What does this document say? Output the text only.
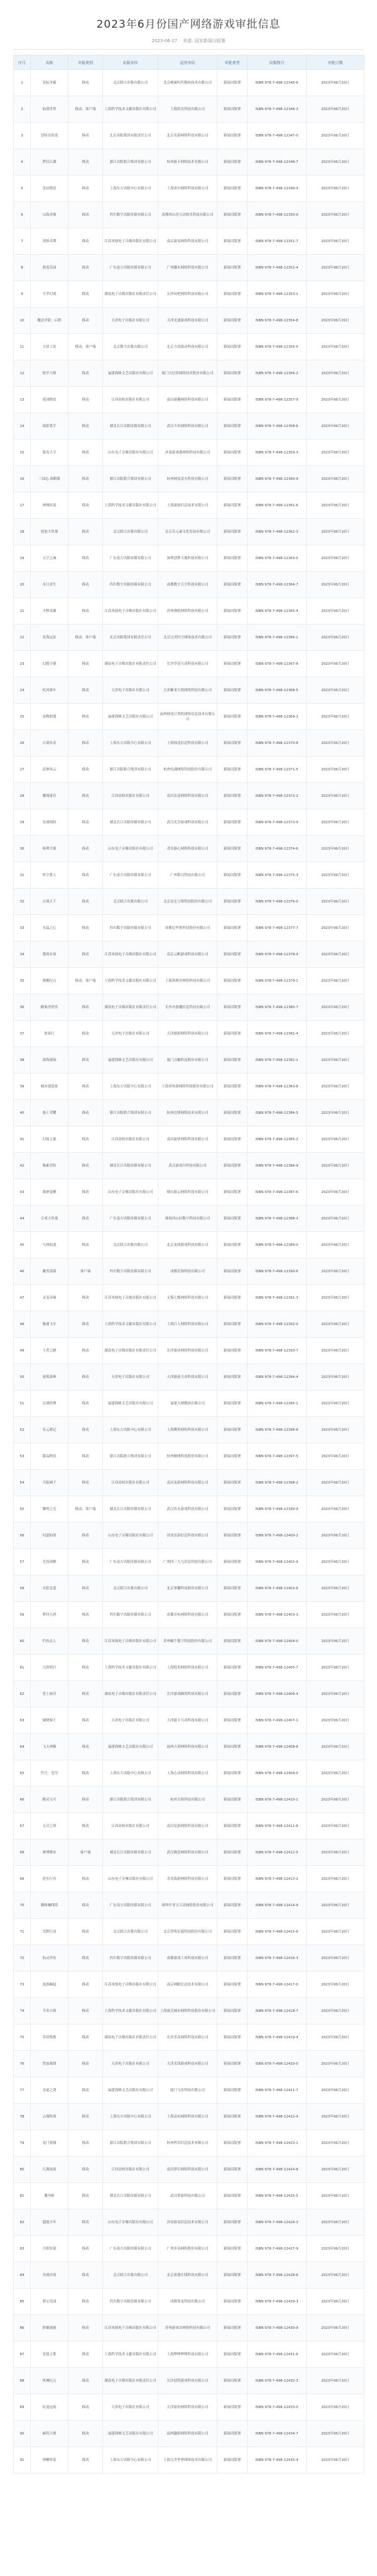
2023年6月份国产网络游戏审批信息
2023-06-27 来源: 国家新闻出版署
序号	名称	申报类别	出版单位	运营单位	审批类型	出版物号	审批日期
1	星际争霸	移动	北京联合出版有限公司	北京畅游时代数码技术有限公司	新闻出版署	ISBN 978-7-498-12345-6	2023年06月20日
2	仙剑世界	移动、客户端	上海科学技术文献出版社有限公司	上海软星科技有限公司	新闻出版署	ISBN 978-7-498-12346-3	2023年06月20日
3	冒险岛传说	移动	北京出版集团有限责任公司	北京乐游网络科技有限公司	新闻出版署	ISBN 978-7-498-12347-0	2023年06月20日
4	梦幻江湖	移动	浙江出版联合集团有限公司	杭州游卡网络技术有限公司	新闻出版署	ISBN 978-7-498-12348-7	2023年06月20日
5	星辰物语	移动	上海东方出版中心有限公司	上海冰川网络科技有限公司	新闻出版署	ISBN 978-7-498-12349-4	2023年06月20日
6	山海奇缘	移动	四川数字出版传媒有限公司	成都西山居互动娱乐科技有限公司	新闻出版署	ISBN 978-7-498-12350-0	2023年06月20日
7	剑侠奇谭	移动	江苏凤凰电子音像出版社有限公司	南京游易网络科技有限公司	新闻出版署	ISBN 978-7-498-12351-7	2023年06月20日
8	萌宠乐园	移动	广东南方出版传媒有限公司	广州趣丸网络科技有限公司	新闻出版署	ISBN 978-7-498-12352-4	2023年06月20日
9	斗罗幻境	移动	湖南电子音像出版社有限责任公司	长沙玩吧网络科技有限公司	新闻出版署	ISBN 978-7-498-12353-1	2023年06月20日
10	魔法学院：启程	移动	天津电子出版社有限公司	天津光速游戏科技有限公司	新闻出版署	ISBN 978-7-498-12354-8	2023年06月20日
11	方块工坊	移动、客户端	北京数字出版有限公司	北京方块游动科技有限公司	新闻出版署	ISBN 978-7-498-12355-5	2023年06月20日
12	机甲大师	移动	福建海峡文艺出版社有限公司	厦门吉比特网络技术股份有限公司	新闻出版署	ISBN 978-7-498-12356-2	2023年06月20日
13	花园物语	移动	江西高校出版社有限公司	南昌游趣网络科技有限公司	新闻出版署	ISBN 978-7-498-12357-9	2023年06月20日
14	暗影猎手	移动	湖北长江出版传媒有限公司	武汉斗鱼网络科技有限公司	新闻出版署	ISBN 978-7-498-12358-6	2023年06月20日
15	海岛大亨	移动	山东电子音像出版社有限公司	济南游戏港网络科技有限公司	新闻出版署	ISBN 978-7-498-12359-3	2023年06月20日
16	三国志·战略版	移动	浙江出版联合集团有限公司	杭州网易雷火科技有限公司	新闻出版署	ISBN 978-7-498-12360-9	2023年06月20日
17	神域传说	移动	上海科学技术文献出版社有限公司	上海游族信息技术有限公司	新闻出版署	ISBN 978-7-498-12361-6	2023年06月20日
18	泡泡大作战	移动	北京联合出版有限公司	北京乐元素文化发展有限公司	新闻出版署	ISBN 978-7-498-12362-3	2023年06月20日
19	天空之城	移动	广东南方出版传媒有限公司	深圳创梦天地科技有限公司	新闻出版署	ISBN 978-7-498-12363-0	2023年06月20日
20	末日求生	移动	四川数字出版传媒有限公司	成都数字天空科技有限公司	新闻出版署	ISBN 978-7-498-12364-7	2023年06月20日
21	卡牌英雄	移动	江苏凤凰电子音像出版社有限公司	苏州叠纸网络科技有限公司	新闻出版署	ISBN 978-7-498-12365-4	2023年06月20日
22	星海远征	移动、客户端	北京出版集团有限责任公司	北京完美时空网络技术有限公司	新闻出版署	ISBN 978-7-498-12366-1	2023年06月20日
23	幻想小镇	移动	湖南电子音像出版社有限责任公司	长沙草花互动科技有限公司	新闻出版署	ISBN 978-7-498-12367-8	2023年06月20日
24	疾风赛车	移动	天津电子出版社有限公司	天津紫龙互娱网络科技有限公司	新闻出版署	ISBN 978-7-498-12368-5	2023年06月20日
25	宠物联盟	移动	福建海峡文艺出版社有限公司	福州网龙计算机网络信息技术有限公司	新闻出版署	ISBN 978-7-498-12369-2	2023年06月20日
26	古剑传奇	移动	上海东方出版中心有限公司	上海烛龙信息科技有限公司	新闻出版署	ISBN 978-7-498-12370-8	2023年06月20日
27	武林风云	移动	浙江出版联合集团有限公司	杭州电魂网络科技股份有限公司	新闻出版署	ISBN 978-7-498-12371-5	2023年06月20日
28	魔域迷宫	移动	江西高校出版社有限公司	南昌乐途网络科技有限公司	新闻出版署	ISBN 978-7-498-12372-2	2023年06月20日
29	星球探险	移动	湖北长江出版传媒有限公司	武汉光谷游戏科技有限公司	新闻出版署	ISBN 978-7-498-12373-9	2023年06月20日
30	料理大师	移动	山东电子音像出版社有限公司	青岛游心网络科技有限公司	新闻出版署	ISBN 978-7-498-12374-6	2023年06月20日
31	时空猎人	移动	广东南方出版传媒有限公司	广州银汉科技有限公司	新闻出版署	ISBN 978-7-498-12375-3	2023年06月20日
32	百战天下	移动	北京联合出版有限公司	北京昆仑万维科技股份有限公司	新闻出版署	ISBN 978-7-498-12376-0	2023年06月20日
33	水晶之心	移动	四川数字出版传媒有限公司	成都尼毕鲁科技股份有限公司	新闻出版署	ISBN 978-7-498-12377-7	2023年06月20日
34	我的农场	移动	江苏凤凰电子音像出版社有限公司	南京云帆游戏科技有限公司	新闻出版署	ISBN 978-7-498-12378-4	2023年06月20日
35	战舰纪元	移动、客户端	上海科学技术文献出版社有限公司	上海莉莉丝网络科技有限公司	新闻出版署	ISBN 978-7-498-12379-1	2023年06月20日
36	糖果消消乐	移动	湖南电子音像出版社有限责任公司	长沙市游趣信息科技有限公司	新闻出版署	ISBN 978-7-498-12380-7	2023年06月20日
37	侠客行	移动	天津电子出版社有限公司	天津鼎游网络科技有限公司	新闻出版署	ISBN 978-7-498-12381-4	2023年06月20日
38	深海迷航	移动	福建海峡文艺出版社有限公司	厦门点触科技股份有限公司	新闻出版署	ISBN 978-7-498-12382-1	2023年06月20日
39	城市建造家	移动	上海东方出版中心有限公司	上海米哈游网络科技股份有限公司	新闻出版署	ISBN 978-7-498-12383-8	2023年06月20日
40	骑士荣耀	移动	浙江出版联合集团有限公司	杭州边锋网络技术有限公司	新闻出版署	ISBN 978-7-498-12384-5	2023年06月20日
41	幻境之旅	移动	江西高校出版社有限公司	南昌游侠网络科技有限公司	新闻出版署	ISBN 978-7-498-12385-2	2023年06月20日
42	像素冒险	移动	湖北长江出版传媒有限公司	武汉游戏谷科技有限公司	新闻出版署	ISBN 978-7-498-12386-9	2023年06月20日
43	战神觉醒	移动	山东电子音像出版社有限公司	烟台游云网络科技有限公司	新闻出版署	ISBN 978-7-498-12387-6	2023年06月20日
44	合成大作战	移动	广东南方出版传媒有限公司	珠海西山居数字科技有限公司	新闻出版署	ISBN 978-7-498-12388-3	2023年06月20日
45	九州仙途	移动	北京联合出版有限公司	北京龙图游戏科技有限公司	新闻出版署	ISBN 978-7-498-12389-0	2023年06月20日
46	魔兽部落	客户端	四川数字出版传媒有限公司	成都乐狗科技有限公司	新闻出版署	ISBN 978-7-498-12390-6	2023年06月20日
47	灵宠奇缘	移动	江苏凤凰电子音像出版社有限公司	无锡七酷网络科技有限公司	新闻出版署	ISBN 978-7-498-12391-3	2023年06月20日
48	极速飞车	移动	上海科学技术文献出版社有限公司	上海巨人网络科技有限公司	新闻出版署	ISBN 978-7-498-12392-0	2023年06月20日
49	王者之路	移动	湖南电子音像出版社有限责任公司	长沙游动网络科技有限公司	新闻出版署	ISBN 978-7-498-12393-7	2023年06月20日
50	迷雾森林	移动	天津电子出版社有限公司	天津游族互动科技有限公司	新闻出版署	ISBN 978-7-498-12394-4	2023年06月20日
51	足球经理	移动	福建海峡文艺出版社有限公司	福建天晴数码有限公司	新闻出版署	ISBN 978-7-498-12395-1	2023年06月20日
52	星云战记	移动	上海东方出版中心有限公司	上海鹰角网络科技有限公司	新闻出版署	ISBN 978-7-498-12396-8	2023年06月20日
53	甜品物语	移动	浙江出版联合集团有限公司	杭州顺网科技股份有限公司	新闻出版署	ISBN 978-7-498-12397-5	2023年06月20日
54	兵临城下	移动	江西高校出版社有限公司	南昌龙游网络科技有限公司	新闻出版署	ISBN 978-7-498-12398-2	2023年06月20日
55	黎明之光	移动、客户端	湖北长江出版传媒有限公司	武汉鱼丸游戏科技有限公司	新闻出版署	ISBN 978-7-498-12399-9	2023年06月20日
56	问道仙侠	移动	山东电子音像出版社有限公司	济南乐游信息科技有限公司	新闻出版署	ISBN 978-7-498-12400-2	2023年06月20日
57	竞技围棋	移动	广东南方出版传媒有限公司	广州四三九九信息科技有限公司	新闻出版署	ISBN 978-7-498-12401-9	2023年06月20日
58	火影忍道	移动	北京联合出版有限公司	北京掌趣科技股份有限公司	新闻出版署	ISBN 978-7-498-12402-6	2023年06月20日
59	梦回大唐	移动	四川数字出版传媒有限公司	成都卓杭网络科技有限公司	新闻出版署	ISBN 978-7-498-12403-3	2023年06月20日
60	钓鱼达人	移动	江苏凤凰电子音像出版社有限公司	苏州蜗牛数字科技股份有限公司	新闻出版署	ISBN 978-7-498-12404-0	2023年06月20日
61	天涯明月	移动	上海科学技术文献出版社有限公司	上海恺英网络科技有限公司	新闻出版署	ISBN 978-7-498-12405-7	2023年06月20日
62	爱上厨房	移动	湖南电子音像出版社有限责任公司	长沙游戏蜂窝科技有限公司	新闻出版署	ISBN 978-7-498-12406-4	2023年06月20日
63	破晓骑士	移动	天津电子出版社有限公司	天津游卡互动科技有限公司	新闻出版署	ISBN 978-7-498-12407-1	2023年06月20日
64	飞天神猴	移动	福建海峡文艺出版社有限公司	福州吉诺网络科技有限公司	新闻出版署	ISBN 978-7-498-12408-8	2023年06月20日
65	代号：苍穹	移动	上海东方出版中心有限公司	上海心动网络科技有限公司	新闻出版署	ISBN 978-7-498-12409-5	2023年06月20日
66	精灵宝可	移动	浙江出版联合集团有限公司	杭州天格科技有限公司	新闻出版署	ISBN 978-7-498-12410-1	2023年06月20日
67	无尽之塔	移动	江西高校出版社有限公司	南昌星游网络科技有限公司	新闻出版署	ISBN 978-7-498-12411-8	2023年06月20日
68	赛博都市	客户端	湖北长江出版传媒有限公司	武汉极意网络科技有限公司	新闻出版署	ISBN 978-7-498-12412-5	2023年06月20日
69	逆水行舟	移动	山东电子音像出版社有限公司	青岛海游网络科技有限公司	新闻出版署	ISBN 978-7-498-12413-2	2023年06月20日
70	猫咪咖啡馆	移动	广东南方出版传媒有限公司	深圳中青宝互动网络股份有限公司	新闻出版署	ISBN 978-7-498-12414-9	2023年06月20日
71	荒野行动	移动	北京联合出版有限公司	北京智明星通科技股份有限公司	新闻出版署	ISBN 978-7-498-12415-6	2023年06月20日
72	仙灵外传	移动	四川数字出版传媒有限公司	成都游戏工场科技有限公司	新闻出版署	ISBN 978-7-498-12416-3	2023年06月20日
73	龙族崛起	移动	江苏凤凰电子音像出版社有限公司	南京网眼信息技术有限公司	新闻出版署	ISBN 978-7-498-12417-0	2023年06月20日
74	节奏大师	移动	上海科学技术文献出版社有限公司	上海波克城市网络科技股份有限公司	新闻出版署	ISBN 978-7-498-12418-7	2023年06月20日
75	草原牧歌	移动	湖南电子音像出版社有限责任公司	长沙乐麦网络科技有限公司	新闻出版署	ISBN 978-7-498-12419-4	2023年06月20日
76	铁血战线	移动	天津电子出版社有限公司	天津光线游戏科技有限公司	新闻出版署	ISBN 978-7-498-12420-0	2023年06月20日
77	奇迹之剑	移动	福建海峡文艺出版社有限公司	厦门飞鱼科技有限公司	新闻出版署	ISBN 978-7-498-12421-7	2023年06月20日
78	云端牧场	移动	上海东方出版中心有限公司	上海益玩网络科技有限公司	新闻出版署	ISBN 978-7-498-12422-4	2023年06月20日
79	龙门客栈	移动	浙江出版联合集团有限公司	杭州哲信信息技术有限公司	新闻出版署	ISBN 978-7-498-12423-1	2023年06月20日
80	江湖夜雨	移动	江西高校出版社有限公司	南昌梦幻网络科技有限公司	新闻出版署	ISBN 978-7-498-12424-8	2023年06月20日
81	魔导师	移动	湖北长江出版传媒有限公司	武汉掌游科技有限公司	新闻出版署	ISBN 978-7-498-12425-5	2023年06月20日
82	超能少年	移动	山东电子音像出版社有限公司	济南游易信息技术有限公司	新闻出版署	ISBN 978-7-498-12426-2	2023年06月20日
83	月影传说	移动	广东南方出版传媒有限公司	广州多益网络股份有限公司	新闻出版署	ISBN 978-7-498-12427-9	2023年06月20日
84	决战沙场	移动	北京联合出版有限公司	北京蓝港在线科技有限公司	新闻出版署	ISBN 978-7-498-12428-6	2023年06月20日
85	萌宝乐园	移动	四川数字出版传媒有限公司	成都墨龙科技有限公司	新闻出版署	ISBN 978-7-498-12429-3	2023年06月20日
86	群雄逐鹿	移动	江苏凤凰电子音像出版社有限公司	苏州游戏谷网络科技有限公司	新闻出版署	ISBN 978-7-498-12430-9	2023年06月20日
87	星愿之歌	移动	上海科学技术文献出版社有限公司	上海哔哩哔哩科技有限公司	新闻出版署	ISBN 978-7-498-12431-6	2023年06月20日
88	机械纪元	移动	湖南电子音像出版社有限责任公司	长沙创智游戏科技有限公司	新闻出版署	ISBN 978-7-498-12432-3	2023年06月20日
89	征途远航	移动	天津电子出版社有限公司	天津游讯网络科技有限公司	新闻出版署	ISBN 978-7-498-12433-0	2023年06月20日
90	麻将大赛	移动	福建海峡文艺出版社有限公司	福州趣游网络科技有限公司	新闻出版署	ISBN 978-7-498-12434-7	2023年06月20日
91	神雕侠侣	移动	上海东方出版中心有限公司	上海完美世界网络技术有限公司	新闻出版署	ISBN 978-7-498-12435-4	2023年06月20日
